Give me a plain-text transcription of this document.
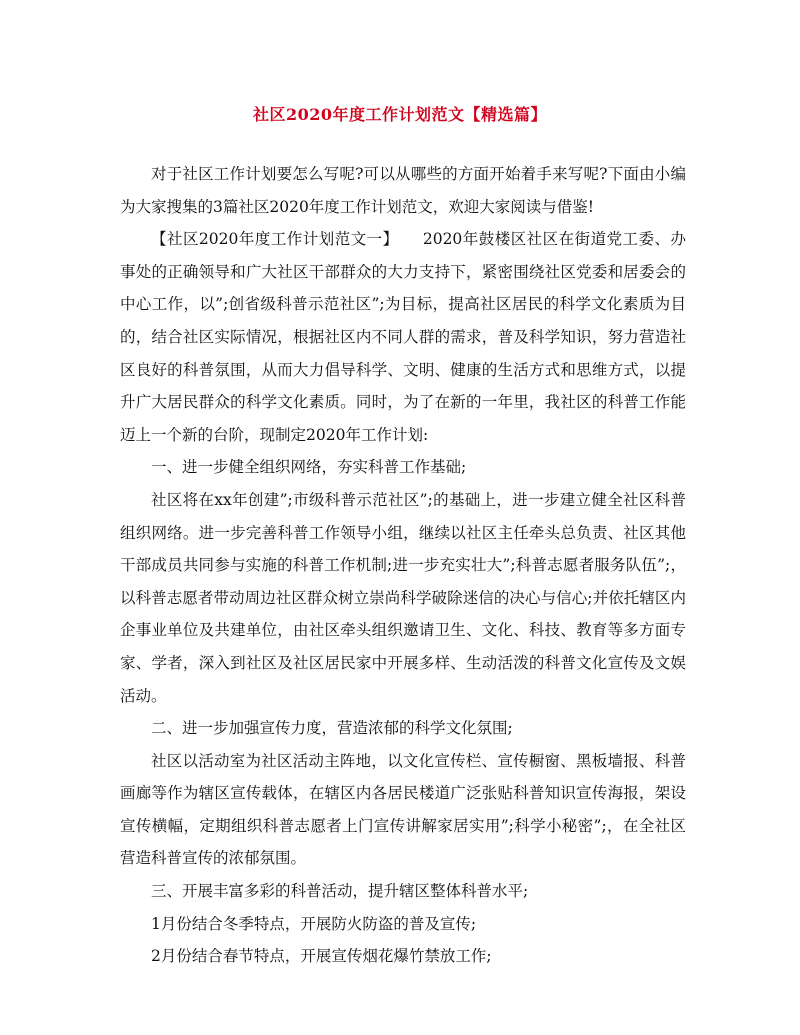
社区2020年度工作计划范文【精选篇】

对于社区工作计划要怎么写呢?可以从哪些的方面开始着手来写呢?下面由小编为大家搜集的3篇社区2020年度工作计划范文，欢迎大家阅读与借鉴!

【社区2020年度工作计划范文一】　　2020年鼓楼区社区在街道党工委、办事处的正确领导和广大社区干部群众的大力支持下，紧密围绕社区党委和居委会的中心工作，以”;创省级科普示范社区”;为目标，提高社区居民的科学文化素质为目的，结合社区实际情况，根据社区内不同人群的需求，普及科学知识，努力营造社区良好的科普氛围，从而大力倡导科学、文明、健康的生活方式和思维方式，以提升广大居民群众的科学文化素质。同时，为了在新的一年里，我社区的科普工作能迈上一个新的台阶，现制定2020年工作计划:

一、进一步健全组织网络，夯实科普工作基础;

社区将在xx年创建”;市级科普示范社区”;的基础上，进一步建立健全社区科普组织网络。进一步完善科普工作领导小组，继续以社区主任牵头总负责、社区其他干部成员共同参与实施的科普工作机制;进一步充实壮大”;科普志愿者服务队伍”;，以科普志愿者带动周边社区群众树立崇尚科学破除迷信的决心与信心;并依托辖区内企事业单位及共建单位，由社区牵头组织邀请卫生、文化、科技、教育等多方面专家、学者，深入到社区及社区居民家中开展多样、生动活泼的科普文化宣传及文娱活动。

二、进一步加强宣传力度，营造浓郁的科学文化氛围;

社区以活动室为社区活动主阵地，以文化宣传栏、宣传橱窗、黑板墙报、科普画廊等作为辖区宣传载体，在辖区内各居民楼道广泛张贴科普知识宣传海报，架设宣传横幅，定期组织科普志愿者上门宣传讲解家居实用”;科学小秘密”;，在全社区营造科普宣传的浓郁氛围。

三、开展丰富多彩的科普活动，提升辖区整体科普水平;

1月份结合冬季特点，开展防火防盗的普及宣传;

2月份结合春节特点，开展宣传烟花爆竹禁放工作;
